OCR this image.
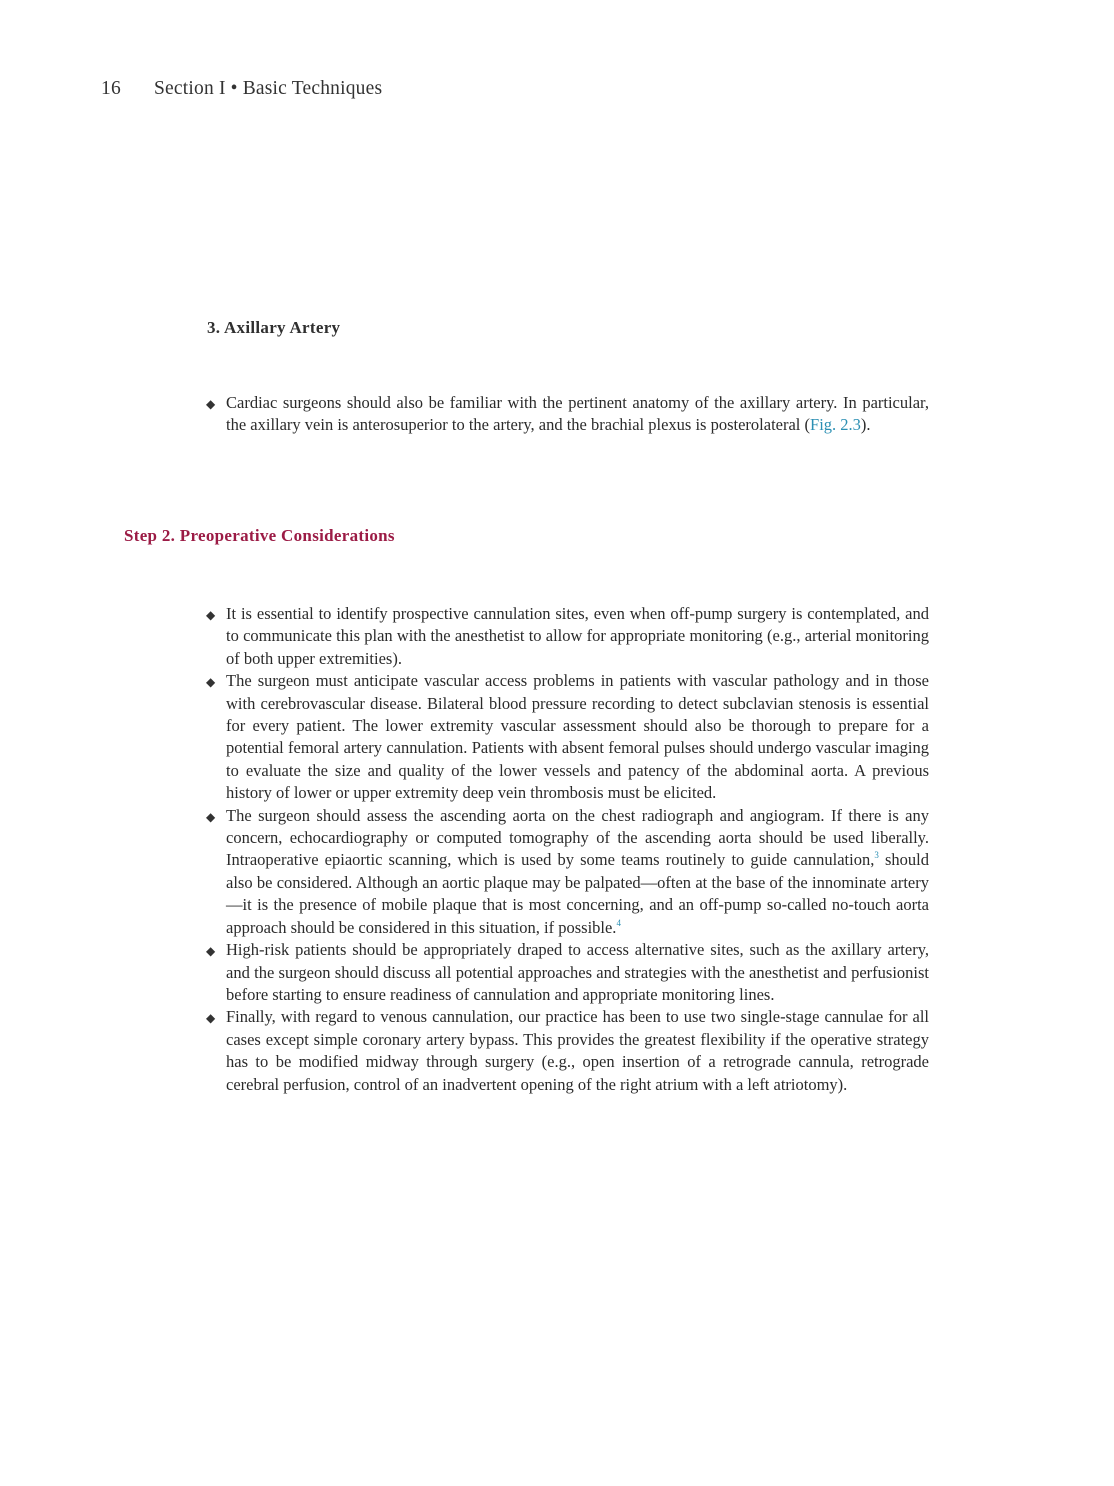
16 Section I • Basic Techniques
3. Axillary Artery
◆ Cardiac surgeons should also be familiar with the pertinent anatomy of the axillary artery. In particular, the axillary vein is anterosuperior to the artery, and the brachial plexus is posterolateral (Fig. 2.3).
Step 2. Preoperative Considerations
◆ It is essential to identify prospective cannulation sites, even when off-pump surgery is contemplated, and to communicate this plan with the anesthetist to allow for appropriate monitoring (e.g., arterial monitoring of both upper extremities).
◆ The surgeon must anticipate vascular access problems in patients with vascular pathology and in those with cerebrovascular disease. Bilateral blood pressure recording to detect subclavian stenosis is essential for every patient. The lower extremity vascular assessment should also be thorough to prepare for a potential femoral artery cannulation. Patients with absent femoral pulses should undergo vascular imaging to evaluate the size and quality of the lower vessels and patency of the abdominal aorta. A previous history of lower or upper extremity deep vein thrombosis must be elicited.
◆ The surgeon should assess the ascending aorta on the chest radiograph and angiogram. If there is any concern, echocardiography or computed tomography of the ascending aorta should be used liberally. Intraoperative epiaortic scanning, which is used by some teams routinely to guide cannulation,$^3$ should also be considered. Although an aortic plaque may be palpated—often at the base of the innominate artery—it is the presence of mobile plaque that is most concerning, and an off-pump so-called no-touch aorta approach should be considered in this situation, if possible.$^4$
◆ High-risk patients should be appropriately draped to access alternative sites, such as the axillary artery, and the surgeon should discuss all potential approaches and strategies with the anesthetist and perfusionist before starting to ensure readiness of cannulation and appropriate monitoring lines.
◆ Finally, with regard to venous cannulation, our practice has been to use two single-stage cannulae for all cases except simple coronary artery bypass. This provides the greatest flexibility if the operative strategy has to be modified midway through surgery (e.g., open insertion of a retrograde cannula, retrograde cerebral perfusion, control of an inadvertent opening of the right atrium with a left atriotomy).
